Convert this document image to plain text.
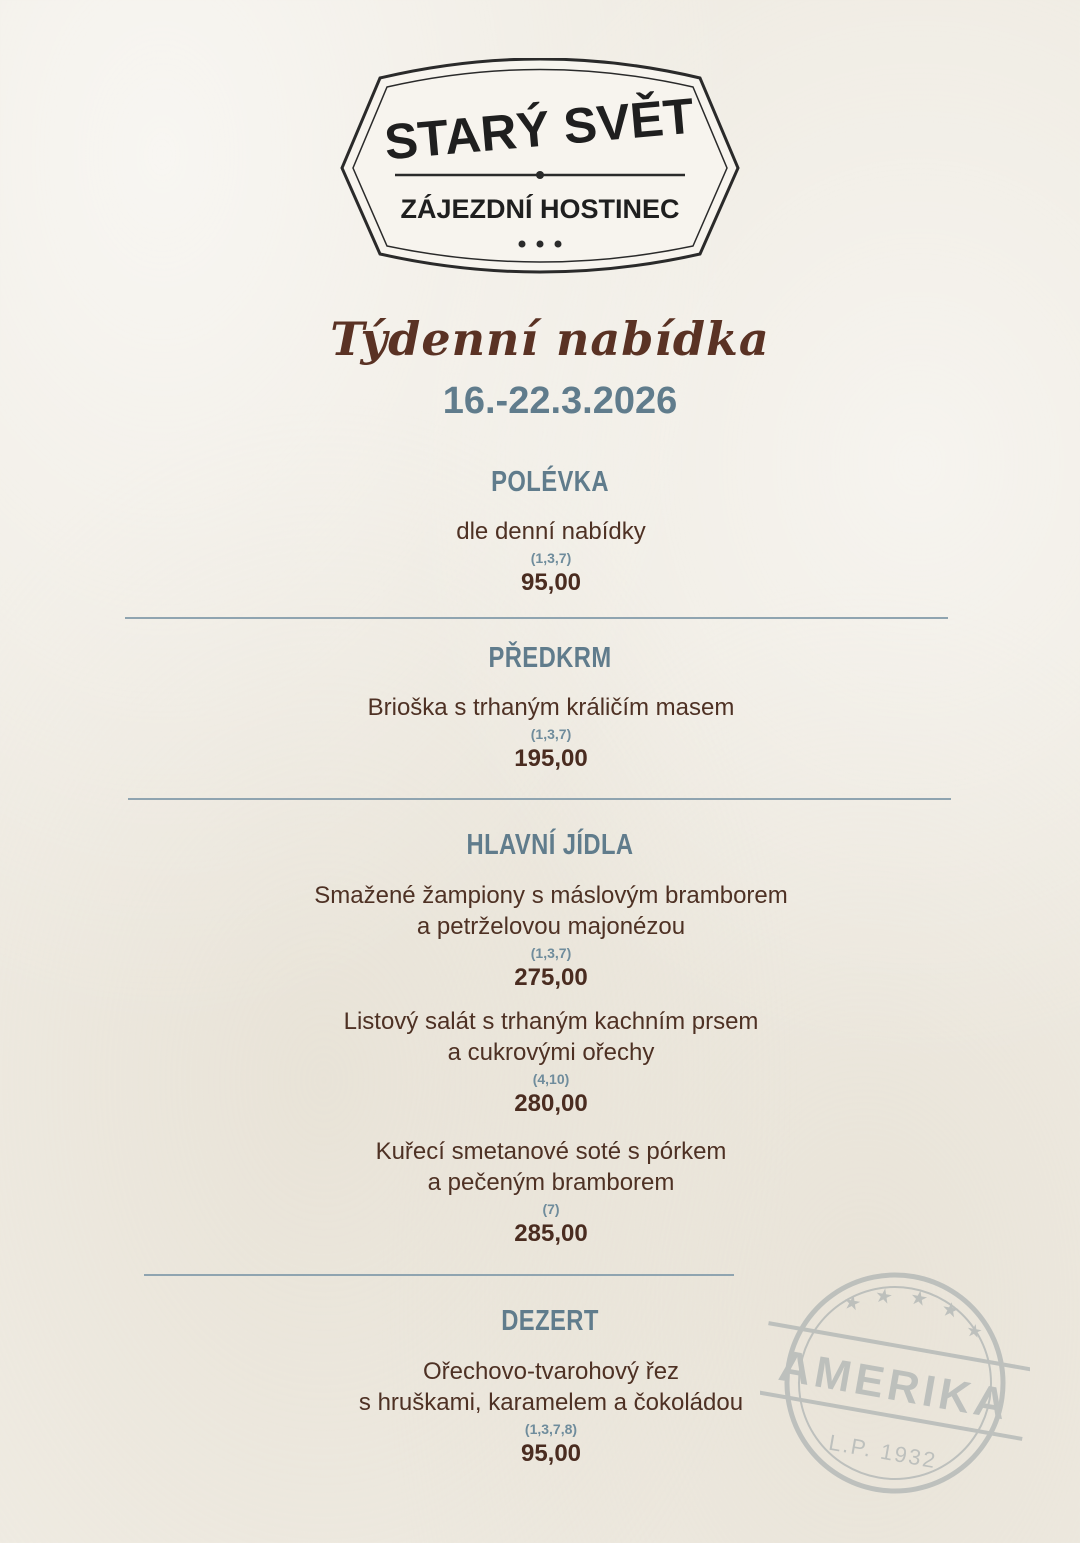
STARÝ SVĚT
ZÁJEZDNÍ HOSTINEC
Týdenní nabídka
16.-22.3.2026
POLÉVKA
dle denní nabídky
(1,3,7)
95,00
PŘEDKRM
Brioška s trhaným králičím masem
(1,3,7)
195,00
HLAVNÍ JÍDLA
Smažené žampiony s máslovým bramborem
a petrželovou majonézou
(1,3,7)
275,00
Listový salát s trhaným kachním prsem
a cukrovými ořechy
(4,10)
280,00
Kuřecí smetanové soté s pórkem
a pečeným bramborem
(7)
285,00
DEZERT
Ořechovo-tvarohový řez
s hruškami, karamelem a čokoládou
(1,3,7,8)
95,00
AMERIKA
L.P. 1932
★ ★ ★ ★
★
